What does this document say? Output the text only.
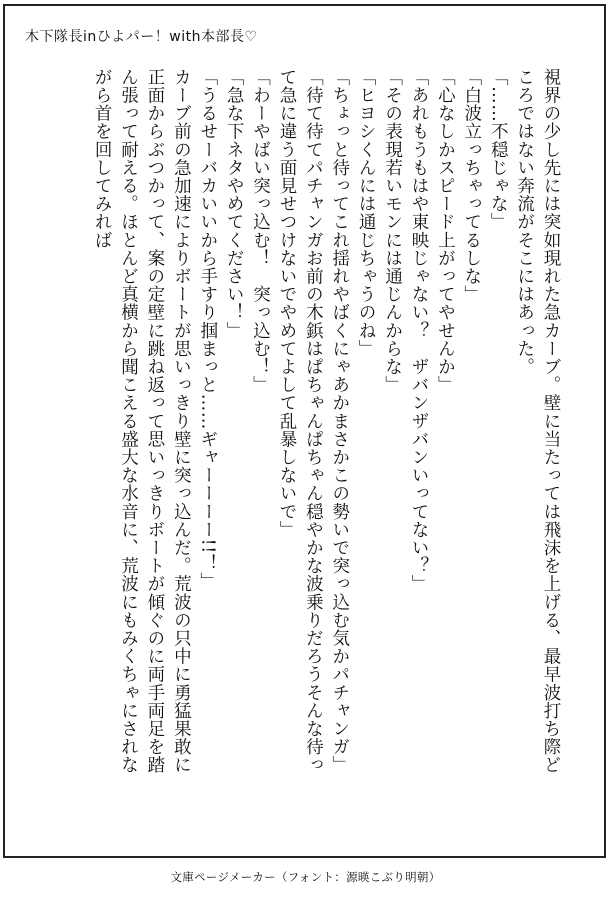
木下隊長inひよパー！with本部長♡
視界の少し先には突如現れた急カーブ。壁に当たっては飛沫を上げる、最早波打ち際ど
ころではない奔流がそこにはあった。
「……不穏じゃな」
「白波立っちゃってるしな」
「心なしかスピード上がってやせんか」
「あれもうもはや東映じゃない？　ザバンザバンいってない？」
「その表現若いモンには通じんからな」
「ヒヨシくんには通じちゃうのね」
「ちょっと待ってこれ揺れやばくにゃあかまさかこの勢いで突っ込む気かパチャンガ」
「待て待てパチャンガお前の木鋲はぱちゃんぱちゃん穏やかな波乗りだろうそんな待っ
て急に違う面見せつけないでやめてよして乱暴しないで」
「わーやばい突っ込む！　突っ込む！」
「急な下ネタやめてください！」
「うるせーバカいいから手すり掴まっと……ギャーーーー!!！」
カーブ前の急加速によりボートが思いっきり壁に突っ込んだ。荒波の只中に勇猛果敢に
正面からぶつかって、案の定壁に跳ね返って思いっきりボートが傾ぐのに両手両足を踏
ん張って耐える。ほとんど真横から聞こえる盛大な水音に、荒波にもみくちゃにされな
がら首を回してみれば
文庫ページメーカー（フォント：源暎こぶり明朝）
